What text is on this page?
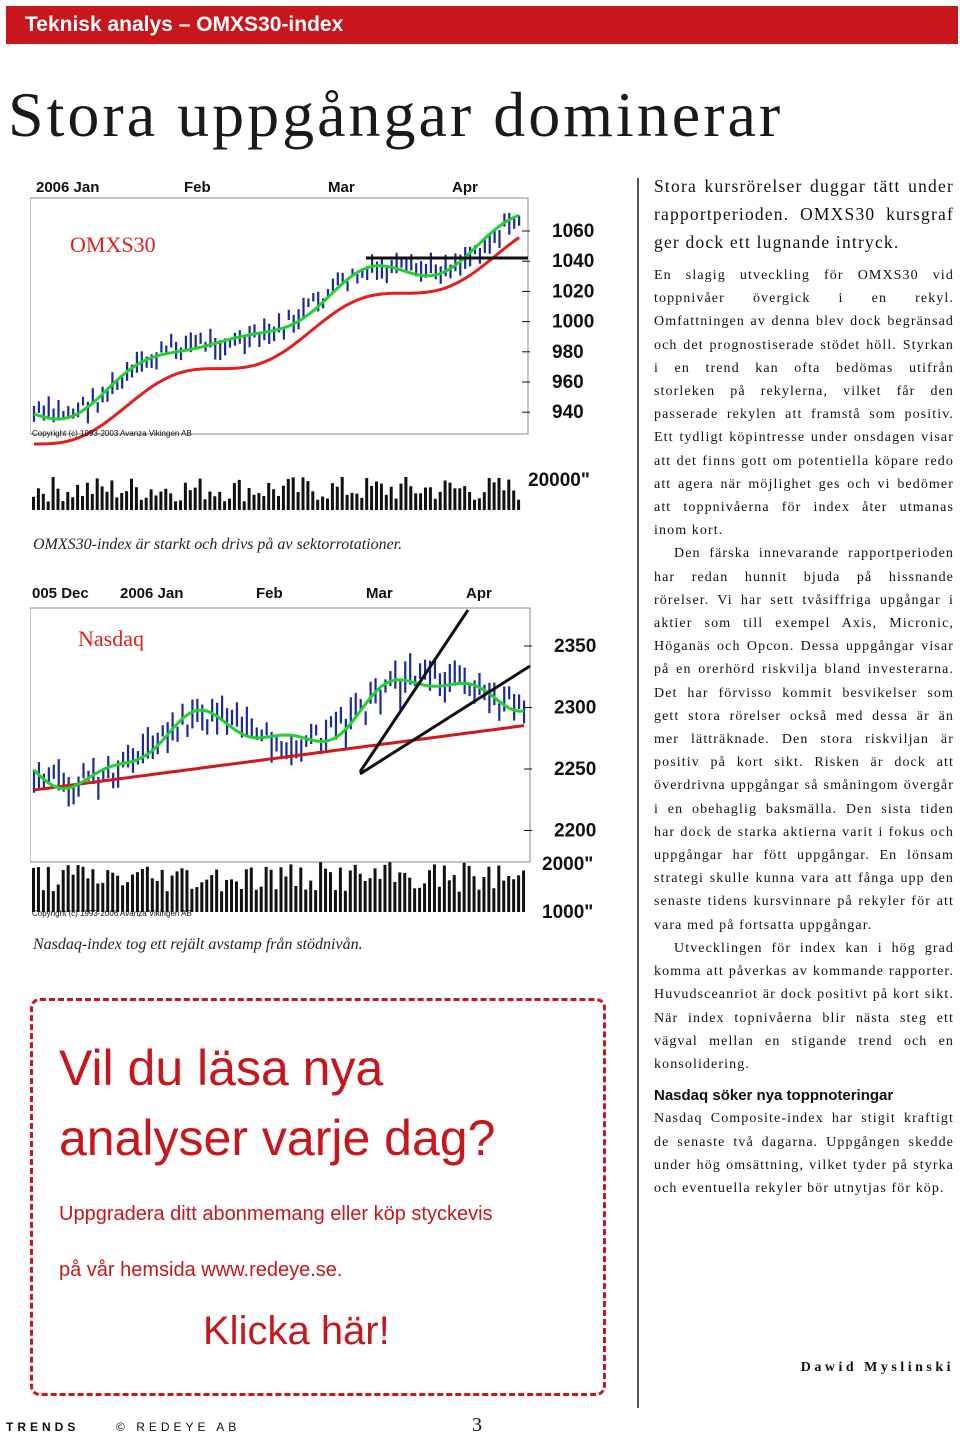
Teknisk analys – OMXS30-index
Stora uppgångar dominerar
2006 Jan	Feb	Mar	Apr
OMXS30
Copyright (c) 1993-2003 Avanza Vikingen AB
1060
1040
1020
1000
980
960
940
20000"
OMXS30-index är starkt och drivs på av sektorrotationer.
005 Dec 2006 Jan	Feb	Mar	Apr
Nasdaq
Copyright (c) 1993-2006 Avanza Vikingen AB
2350
2300
2250
2200
2000"
1000"
Nasdaq-index tog ett rejält avstamp från stödnivån.
Vil du läsa nya
analyser varje dag?
Uppgradera ditt abonmemang eller köp styckevis
på vår hemsida www.redeye.se.
Klicka här!

Stora kursrörelser duggar tätt under rapportperioden. OMXS30 kursgraf ger dock ett lugnande intryck.

En slagig utveckling för OMXS30 vid toppnivåer övergick i en rekyl. Omfattningen av denna blev dock begränsad och det prognostiserade stödet höll. Styrkan i en trend kan ofta bedömas utifrån storleken på rekylerna, vilket får den passerade rekylen att framstå som positiv. Ett tydligt köpintresse under onsdagen visar att det finns gott om potentiella köpare redo att agera när möjlighet ges och vi bedömer att toppnivåerna för index åter utmanas inom kort.

Den färska innevarande rapportperioden har redan hunnit bjuda på hissnande rörelser. Vi har sett tvåsiffriga upgångar i aktier som till exempel Axis, Micronic, Höganäs och Opcon. Dessa uppgångar visar på en orerhörd riskvilja bland investerarna. Det har förvisso kommit besvikelser som gett stora rörelser också med dessa är än mer lätträknade. Den stora riskviljan är positiv på kort sikt. Risken är dock att överdrivna uppgångar så småningom övergår i en obehaglig baksmälla. Den sista tiden har dock de starka aktierna varit i fokus och uppgångar har fött uppgångar. En lönsam strategi skulle kunna vara att fånga upp den senaste tidens kursvinnare på rekyler för att vara med på fortsatta uppgångar.

Utvecklingen för index kan i hög grad komma att påverkas av kommande rapporter. Huvudsceanriot är dock positivt på kort sikt. När index topnivåerna blir nästa steg ett vägval mellan en stigande trend och en konsolidering.

Nasdaq söker nya toppnoteringar

Nasdaq Composite-index har stigit kraftigt de senaste två dagarna. Uppgången skedde under hög omsättning, vilket tyder på styrka och eventuella rekyler bör utnytjas för köp.

Dawid Myslinski
TRENDS	© REDEYE AB	3
